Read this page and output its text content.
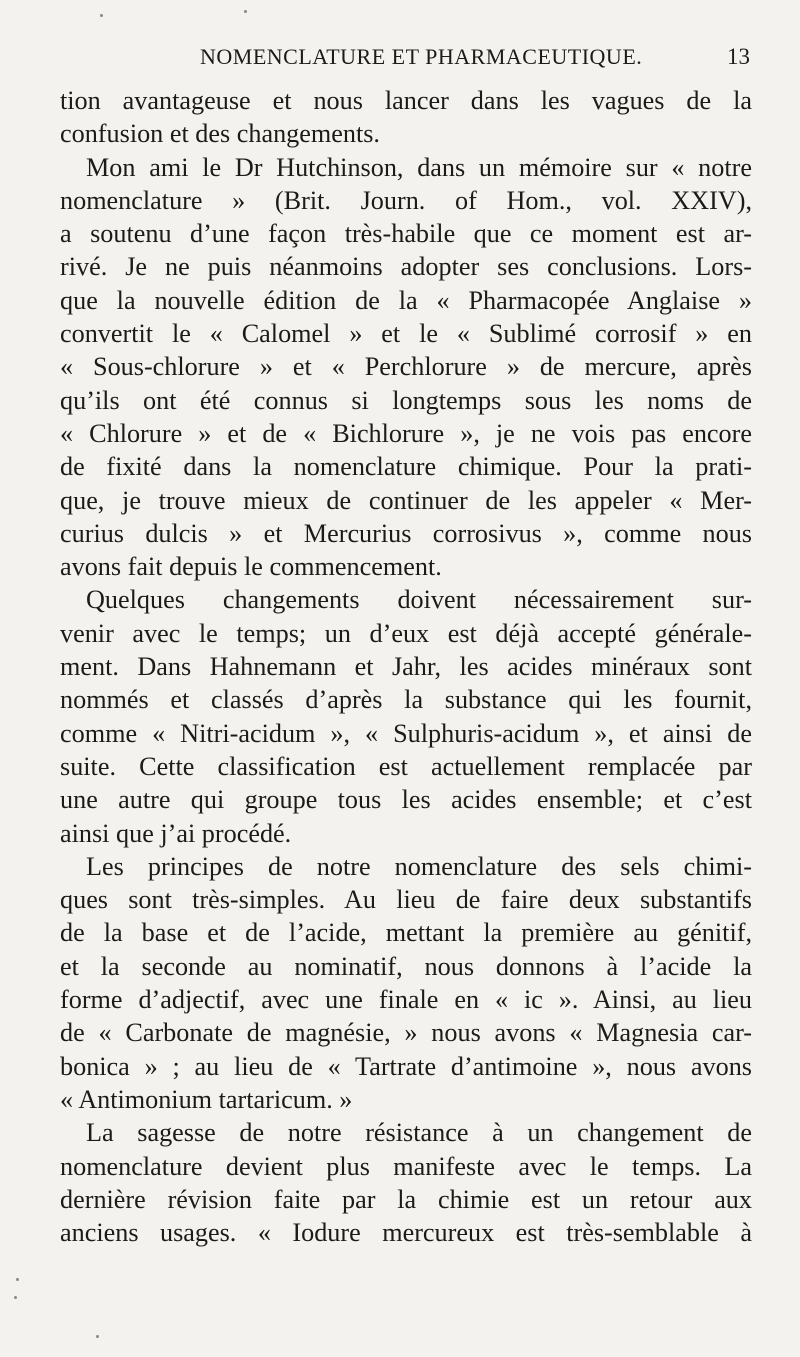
NOMENCLATURE ET PHARMACEUTIQUE.	13
tion avantageuse et nous lancer dans les vagues de la
confusion et des changements.
Mon ami le Dr Hutchinson, dans un mémoire sur « notre
nomenclature » (Brit. Journ. of Hom., vol. XXIV),
a soutenu d’une façon très-habile que ce moment est ar-
rivé. Je ne puis néanmoins adopter ses conclusions. Lors-
que la nouvelle édition de la « Pharmacopée Anglaise »
convertit le « Calomel » et le « Sublimé corrosif » en
« Sous-chlorure » et « Perchlorure » de mercure, après
qu’ils ont été connus si longtemps sous les noms de
« Chlorure » et de « Bichlorure », je ne vois pas encore
de fixité dans la nomenclature chimique. Pour la prati-
que, je trouve mieux de continuer de les appeler « Mer-
curius dulcis » et Mercurius corrosivus », comme nous
avons fait depuis le commencement.
Quelques changements doivent nécessairement sur-
venir avec le temps; un d’eux est déjà accepté générale-
ment. Dans Hahnemann et Jahr, les acides minéraux sont
nommés et classés d’après la substance qui les fournit,
comme « Nitri-acidum », « Sulphuris-acidum », et ainsi de
suite. Cette classification est actuellement remplacée par
une autre qui groupe tous les acides ensemble; et c’est
ainsi que j’ai procédé.
Les principes de notre nomenclature des sels chimi-
ques sont très-simples. Au lieu de faire deux substantifs
de la base et de l’acide, mettant la première au génitif,
et la seconde au nominatif, nous donnons à l’acide la
forme d’adjectif, avec une finale en « ic ». Ainsi, au lieu
de « Carbonate de magnésie, » nous avons « Magnesia car-
bonica » ; au lieu de « Tartrate d’antimoine », nous avons
« Antimonium tartaricum. »
La sagesse de notre résistance à un changement de
nomenclature devient plus manifeste avec le temps. La
dernière révision faite par la chimie est un retour aux
anciens usages. « Iodure mercureux est très-semblable à
